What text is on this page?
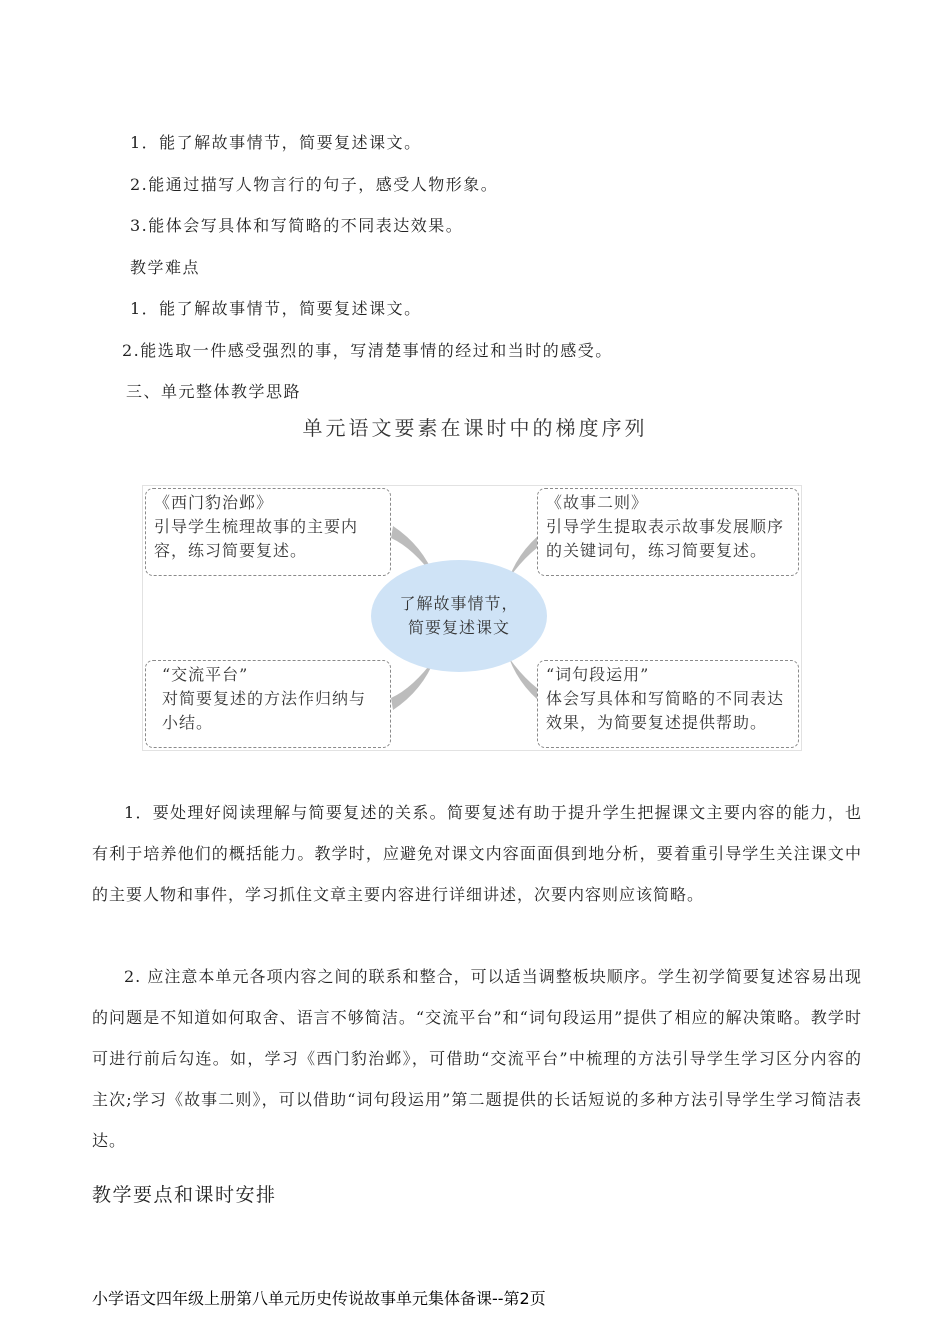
1．能了解故事情节，简要复述课文。
2.能通过描写人物言行的句子，感受人物形象。
3.能体会写具体和写简略的不同表达效果。
教学难点
1．能了解故事情节，简要复述课文。
2.能选取一件感受强烈的事，写清楚事情的经过和当时的感受。
三、单元整体教学思路
单元语文要素在课时中的梯度序列
《西门豹治邺》
引导学生梳理故事的主要内容，练习简要复述。
《故事二则》
引导学生提取表示故事发展顺序的关键词句，练习简要复述。
了解故事情节，
简要复述课文
“交流平台”
对简要复述的方法作归纳与小结。
“词句段运用”
体会写具体和写简略的不同表达效果，为简要复述提供帮助。
1．要处理好阅读理解与简要复述的关系。简要复述有助于提升学生把握课文主要内容的能力，也有利于培养他们的概括能力。教学时，应避免对课文内容面面俱到地分析，要着重引导学生关注课文中的主要人物和事件，学习抓住文章主要内容进行详细讲述，次要内容则应该简略。
2. 应注意本单元各项内容之间的联系和整合，可以适当调整板块顺序。学生初学简要复述容易出现的问题是不知道如何取舍、语言不够简洁。“交流平台”和“词句段运用”提供了相应的解决策略。教学时可进行前后勾连。如，学习《西门豹治邺》，可借助“交流平台”中梳理的方法引导学生学习区分内容的主次;学习《故事二则》，可以借助“词句段运用”第二题提供的长话短说的多种方法引导学生学习简洁表达。
教学要点和课时安排
小学语文四年级上册第八单元历史传说故事单元集体备课--第2页
